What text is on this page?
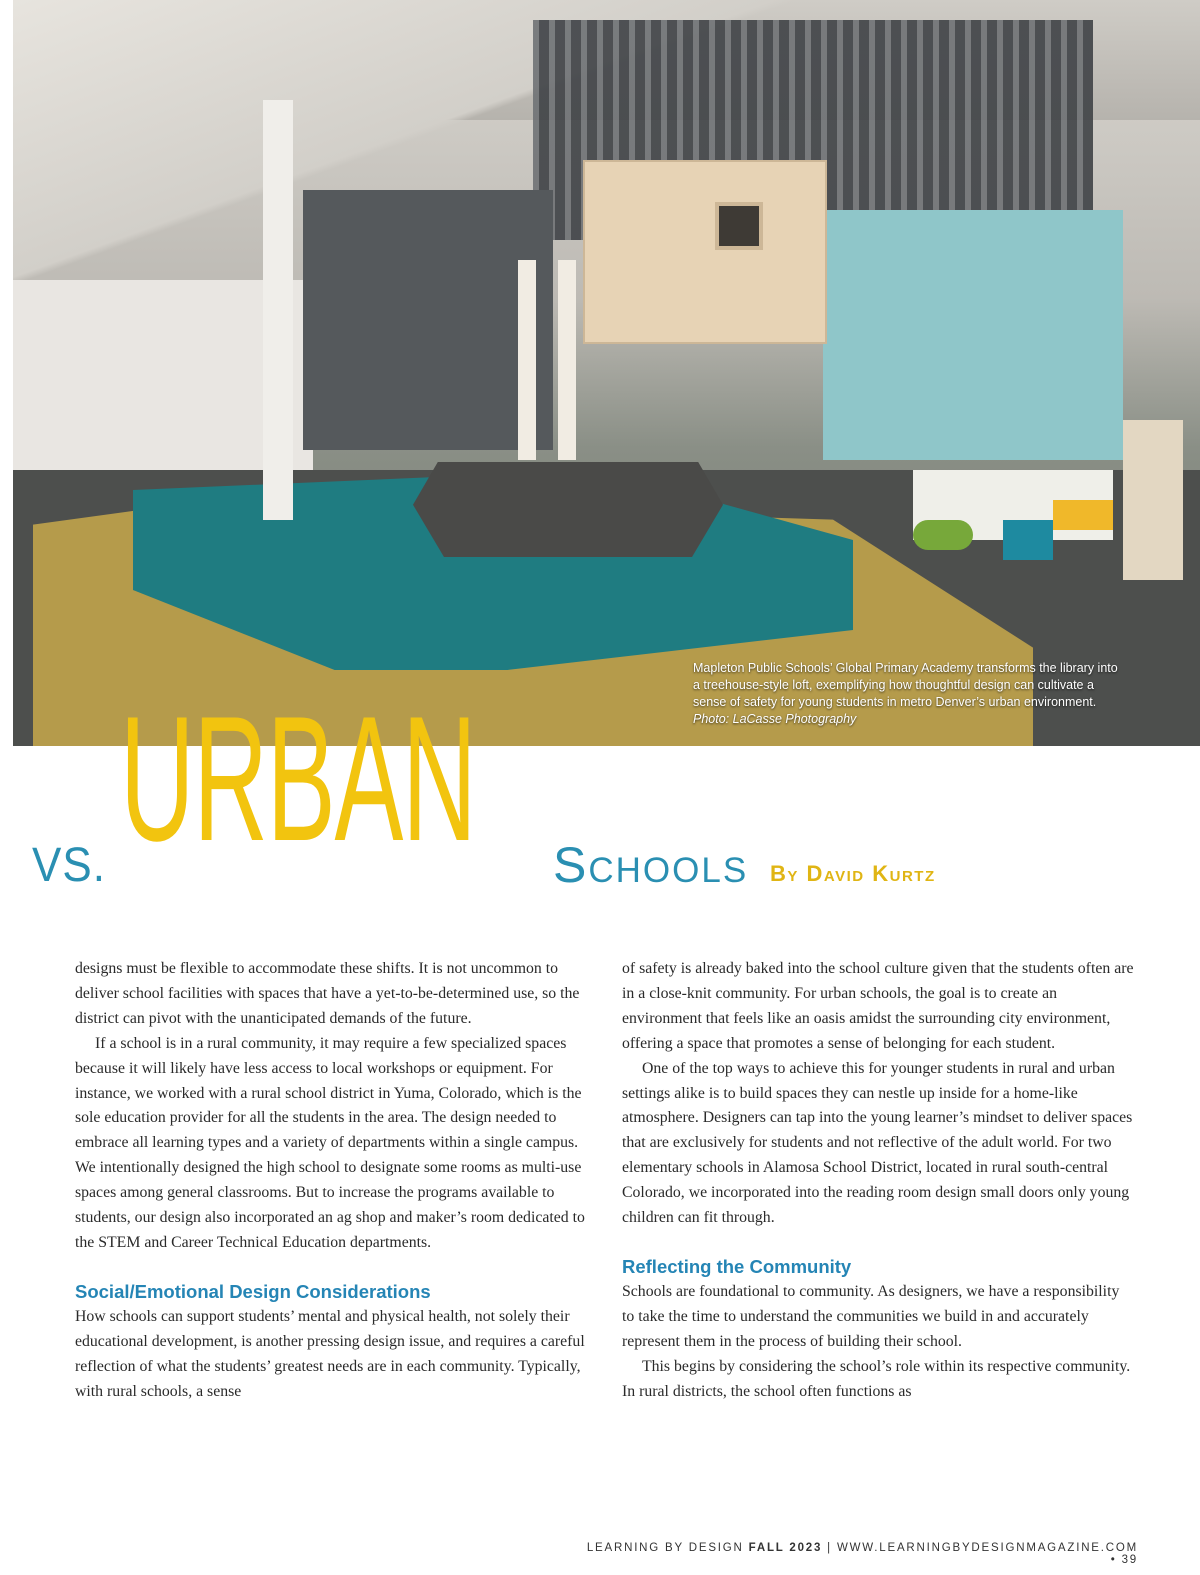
Mapleton Public Schools’ Global Primary Academy transforms the library into a treehouse-style loft, exemplifying how thoughtful design can cultivate a sense of safety for young students in metro Denver’s urban environment. Photo: LaCasse Photography
URBAN
VS.	Schools By David Kurtz

designs must be flexible to accommodate these shifts. It is not uncommon to deliver school facilities with spaces that have a yet-to-be-determined use, so the district can pivot with the unanticipated demands of the future.

If a school is in a rural community, it may require a few specialized spaces because it will likely have less access to local workshops or equipment. For instance, we worked with a rural school district in Yuma, Colorado, which is the sole education provider for all the students in the area. The design needed to embrace all learning types and a variety of departments within a single campus. We intentionally designed the high school to designate some rooms as multi-use spaces among general classrooms. But to increase the programs available to students, our design also incorporated an ag shop and maker’s room dedicated to the STEM and Career Technical Education departments.

Social/Emotional Design Considerations

How schools can support students’ mental and physical health, not solely their educational development, is another pressing design issue, and requires a careful reflection of what the students’ greatest needs are in each community. Typically, with rural schools, a sense

of safety is already baked into the school culture given that the students often are in a close-knit community. For urban schools, the goal is to create an environment that feels like an oasis amidst the surrounding city environment, offering a space that promotes a sense of belonging for each student.

One of the top ways to achieve this for younger students in rural and urban settings alike is to build spaces they can nestle up inside for a home-like atmosphere. Designers can tap into the young learner’s mindset to deliver spaces that are exclusively for students and not reflective of the adult world. For two elementary schools in Alamosa School District, located in rural south-central Colorado, we incorporated into the reading room design small doors only young children can fit through.

Reflecting the Community

Schools are foundational to community. As designers, we have a responsibility to take the time to understand the communities we build in and accurately represent them in the process of building their school.

This begins by considering the school’s role within its respective community. In rural districts, the school often functions as

LEARNING BY DESIGN FALL 2023 | WWW.LEARNINGBYDESIGNMAGAZINE.COM • 39
